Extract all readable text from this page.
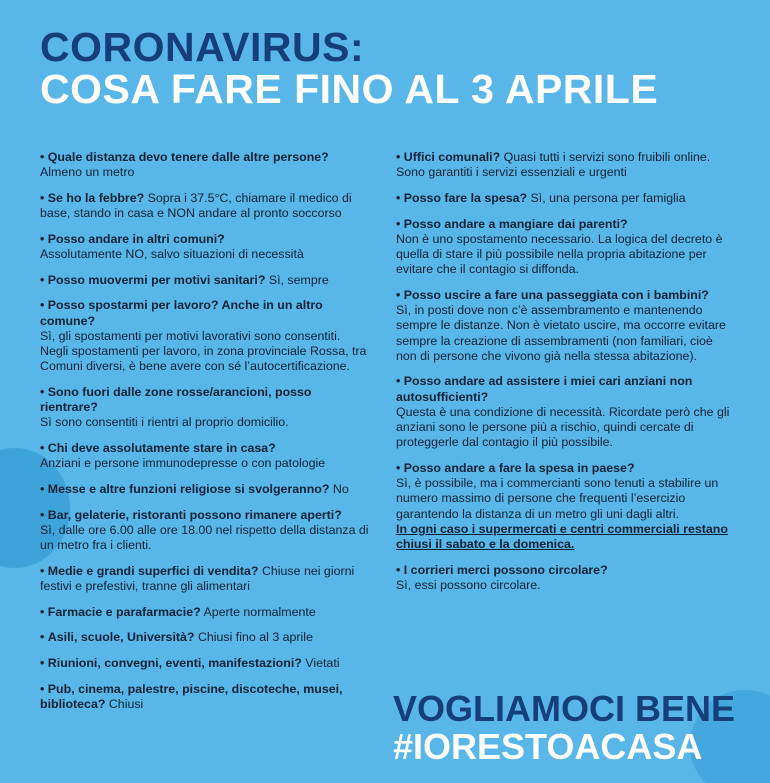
CORONAVIRUS:
COSA FARE FINO AL 3 APRILE
• Quale distanza devo tenere dalle altre persone? Almeno un metro
• Se ho la febbre? Sopra i 37.5°C, chiamare il medico di base, stando in casa e NON andare al pronto soccorso
• Posso andare in altri comuni?
Assolutamente NO, salvo situazioni di necessità
• Posso muovermi per motivi sanitari? Sì, sempre
• Posso spostarmi per lavoro? Anche in un altro comune?
Sì, gli spostamenti per motivi lavorativi sono consentiti. Negli spostamenti per lavoro, in zona provinciale Rossa, tra Comuni diversi, è bene avere con sé l’autocertificazione.
• Sono fuori dalle zone rosse/arancioni, posso rientrare?
Sì sono consentiti i rientri al proprio domicilio.
• Chi deve assolutamente stare in casa?
Anziani e persone immunodepresse o con patologie
• Messe e altre funzioni religiose si svolgeranno? No
• Bar, gelaterie, ristoranti possono rimanere aperti?
Sì, dalle ore 6.00 alle ore 18.00 nel rispetto della distanza di un metro fra i clienti.
• Medie e grandi superfici di vendita? Chiuse nei giorni festivi e prefestivi, tranne gli alimentari
• Farmacie e parafarmacie? Aperte normalmente
• Asili, scuole, Università? Chiusi fino al 3 aprile
• Riunioni, convegni, eventi, manifestazioni? Vietati
• Pub, cinema, palestre, piscine, discoteche, musei, biblioteca? Chiusi
• Uffici comunali? Quasi tutti i servizi sono fruibili online. Sono garantiti i servizi essenziali e urgenti
• Posso fare la spesa? Sì, una persona per famiglia
• Posso andare a mangiare dai parenti?
Non è uno spostamento necessario. La logica del decreto è quella di stare il più possibile nella propria abitazione per evitare che il contagio si diffonda.
• Posso uscire a fare una passeggiata con i bambini?
Sì, in posti dove non c’è assembramento e mantenendo sempre le distanze. Non è vietato uscire, ma occorre evitare sempre la creazione di assembramenti (non familiari, cioè non di persone che vivono già nella stessa abitazione).
• Posso andare ad assistere i miei cari anziani non autosufficienti?
Questa è una condizione di necessità. Ricordate però che gli anziani sono le persone più a rischio, quindi cercate di proteggerle dal contagio il più possibile.
• Posso andare a fare la spesa in paese?
Sì, è possibile, ma i commercianti sono tenuti a stabilire un numero massimo di persone che frequenti l’esercizio garantendo la distanza di un metro gli uni dagli altri.
In ogni caso i supermercati e centri commerciali restano chiusi il sabato e la domenica.
• I corrieri merci possono circolare?
Sì, essi possono circolare.
VOGLIAMOCI BENE
#IORESTOACASA
